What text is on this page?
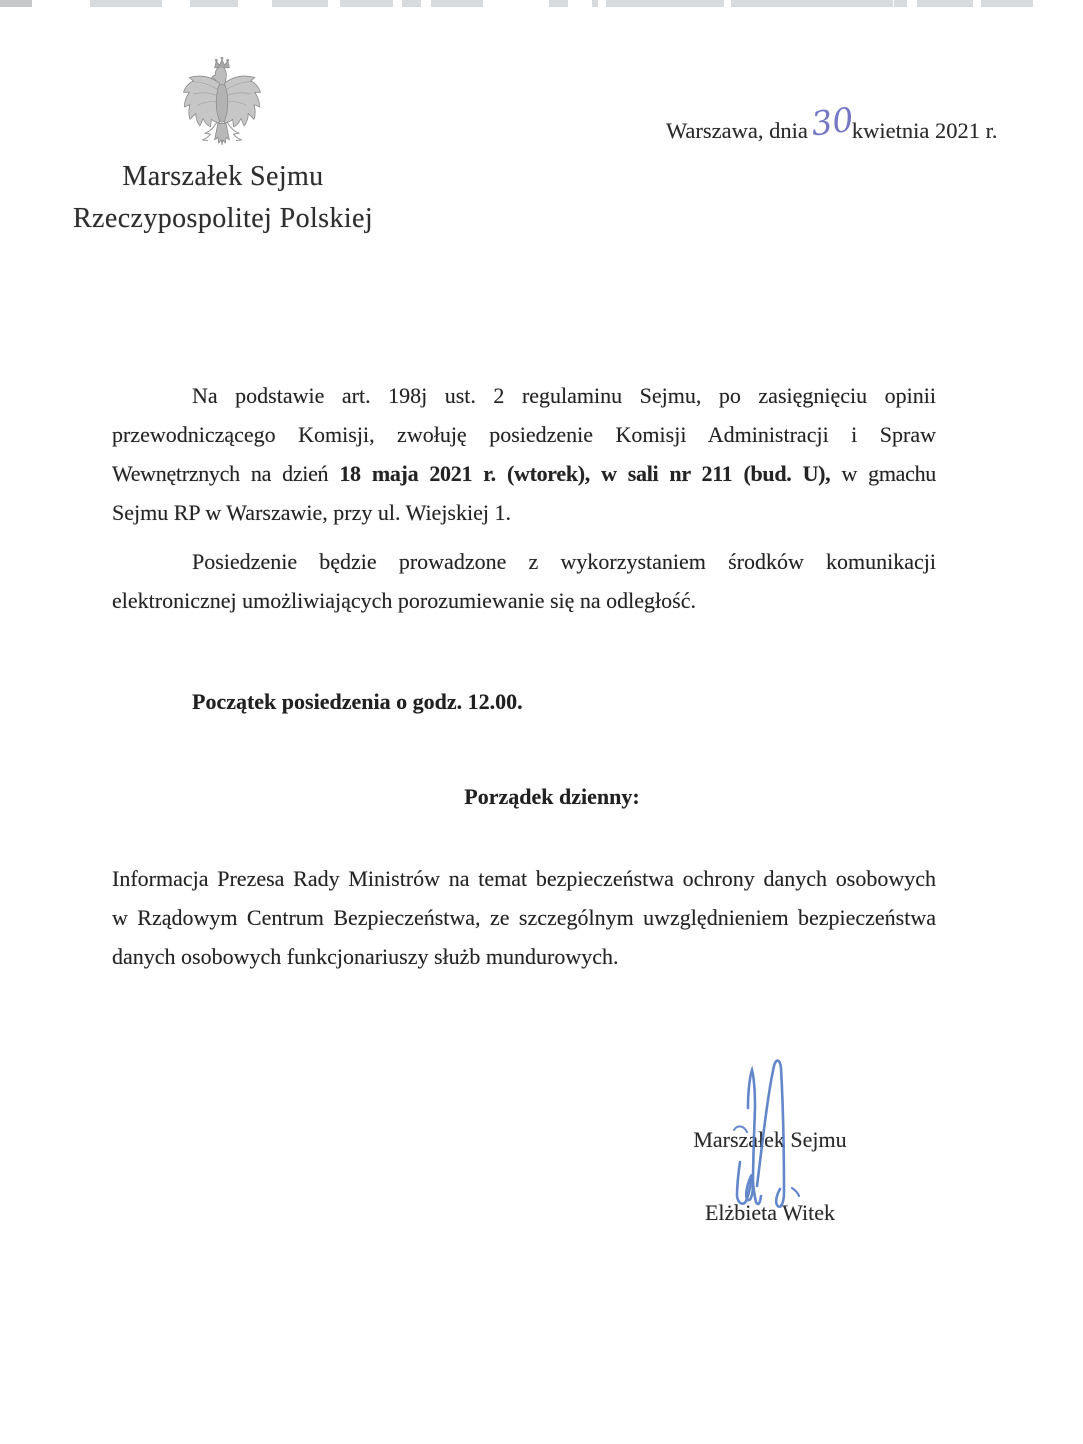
Marszałek Sejmu
Rzeczypospolitej Polskiej
Warszawa, dnia30kwietnia 2021 r.
Na podstawie art. 198j ust. 2 regulaminu Sejmu, po zasięgnięciu opinii
przewodniczącego Komisji, zwołuję posiedzenie Komisji Administracji i Spraw
Wewnętrznych na dzień 18 maja 2021 r. (wtorek), w sali nr 211 (bud. U), w gmachu
Sejmu RP w Warszawie, przy ul. Wiejskiej 1.
Posiedzenie będzie prowadzone z wykorzystaniem środków komunikacji
elektronicznej umożliwiających porozumiewanie się na odległość.
Początek posiedzenia o godz. 12.00.
Porządek dzienny:
Informacja Prezesa Rady Ministrów na temat bezpieczeństwa ochrony danych osobowych
w Rządowym Centrum Bezpieczeństwa, ze szczególnym uwzględnieniem bezpieczeństwa
danych osobowych funkcjonariuszy służb mundurowych.
Marszałek Sejmu
Elżbieta Witek
